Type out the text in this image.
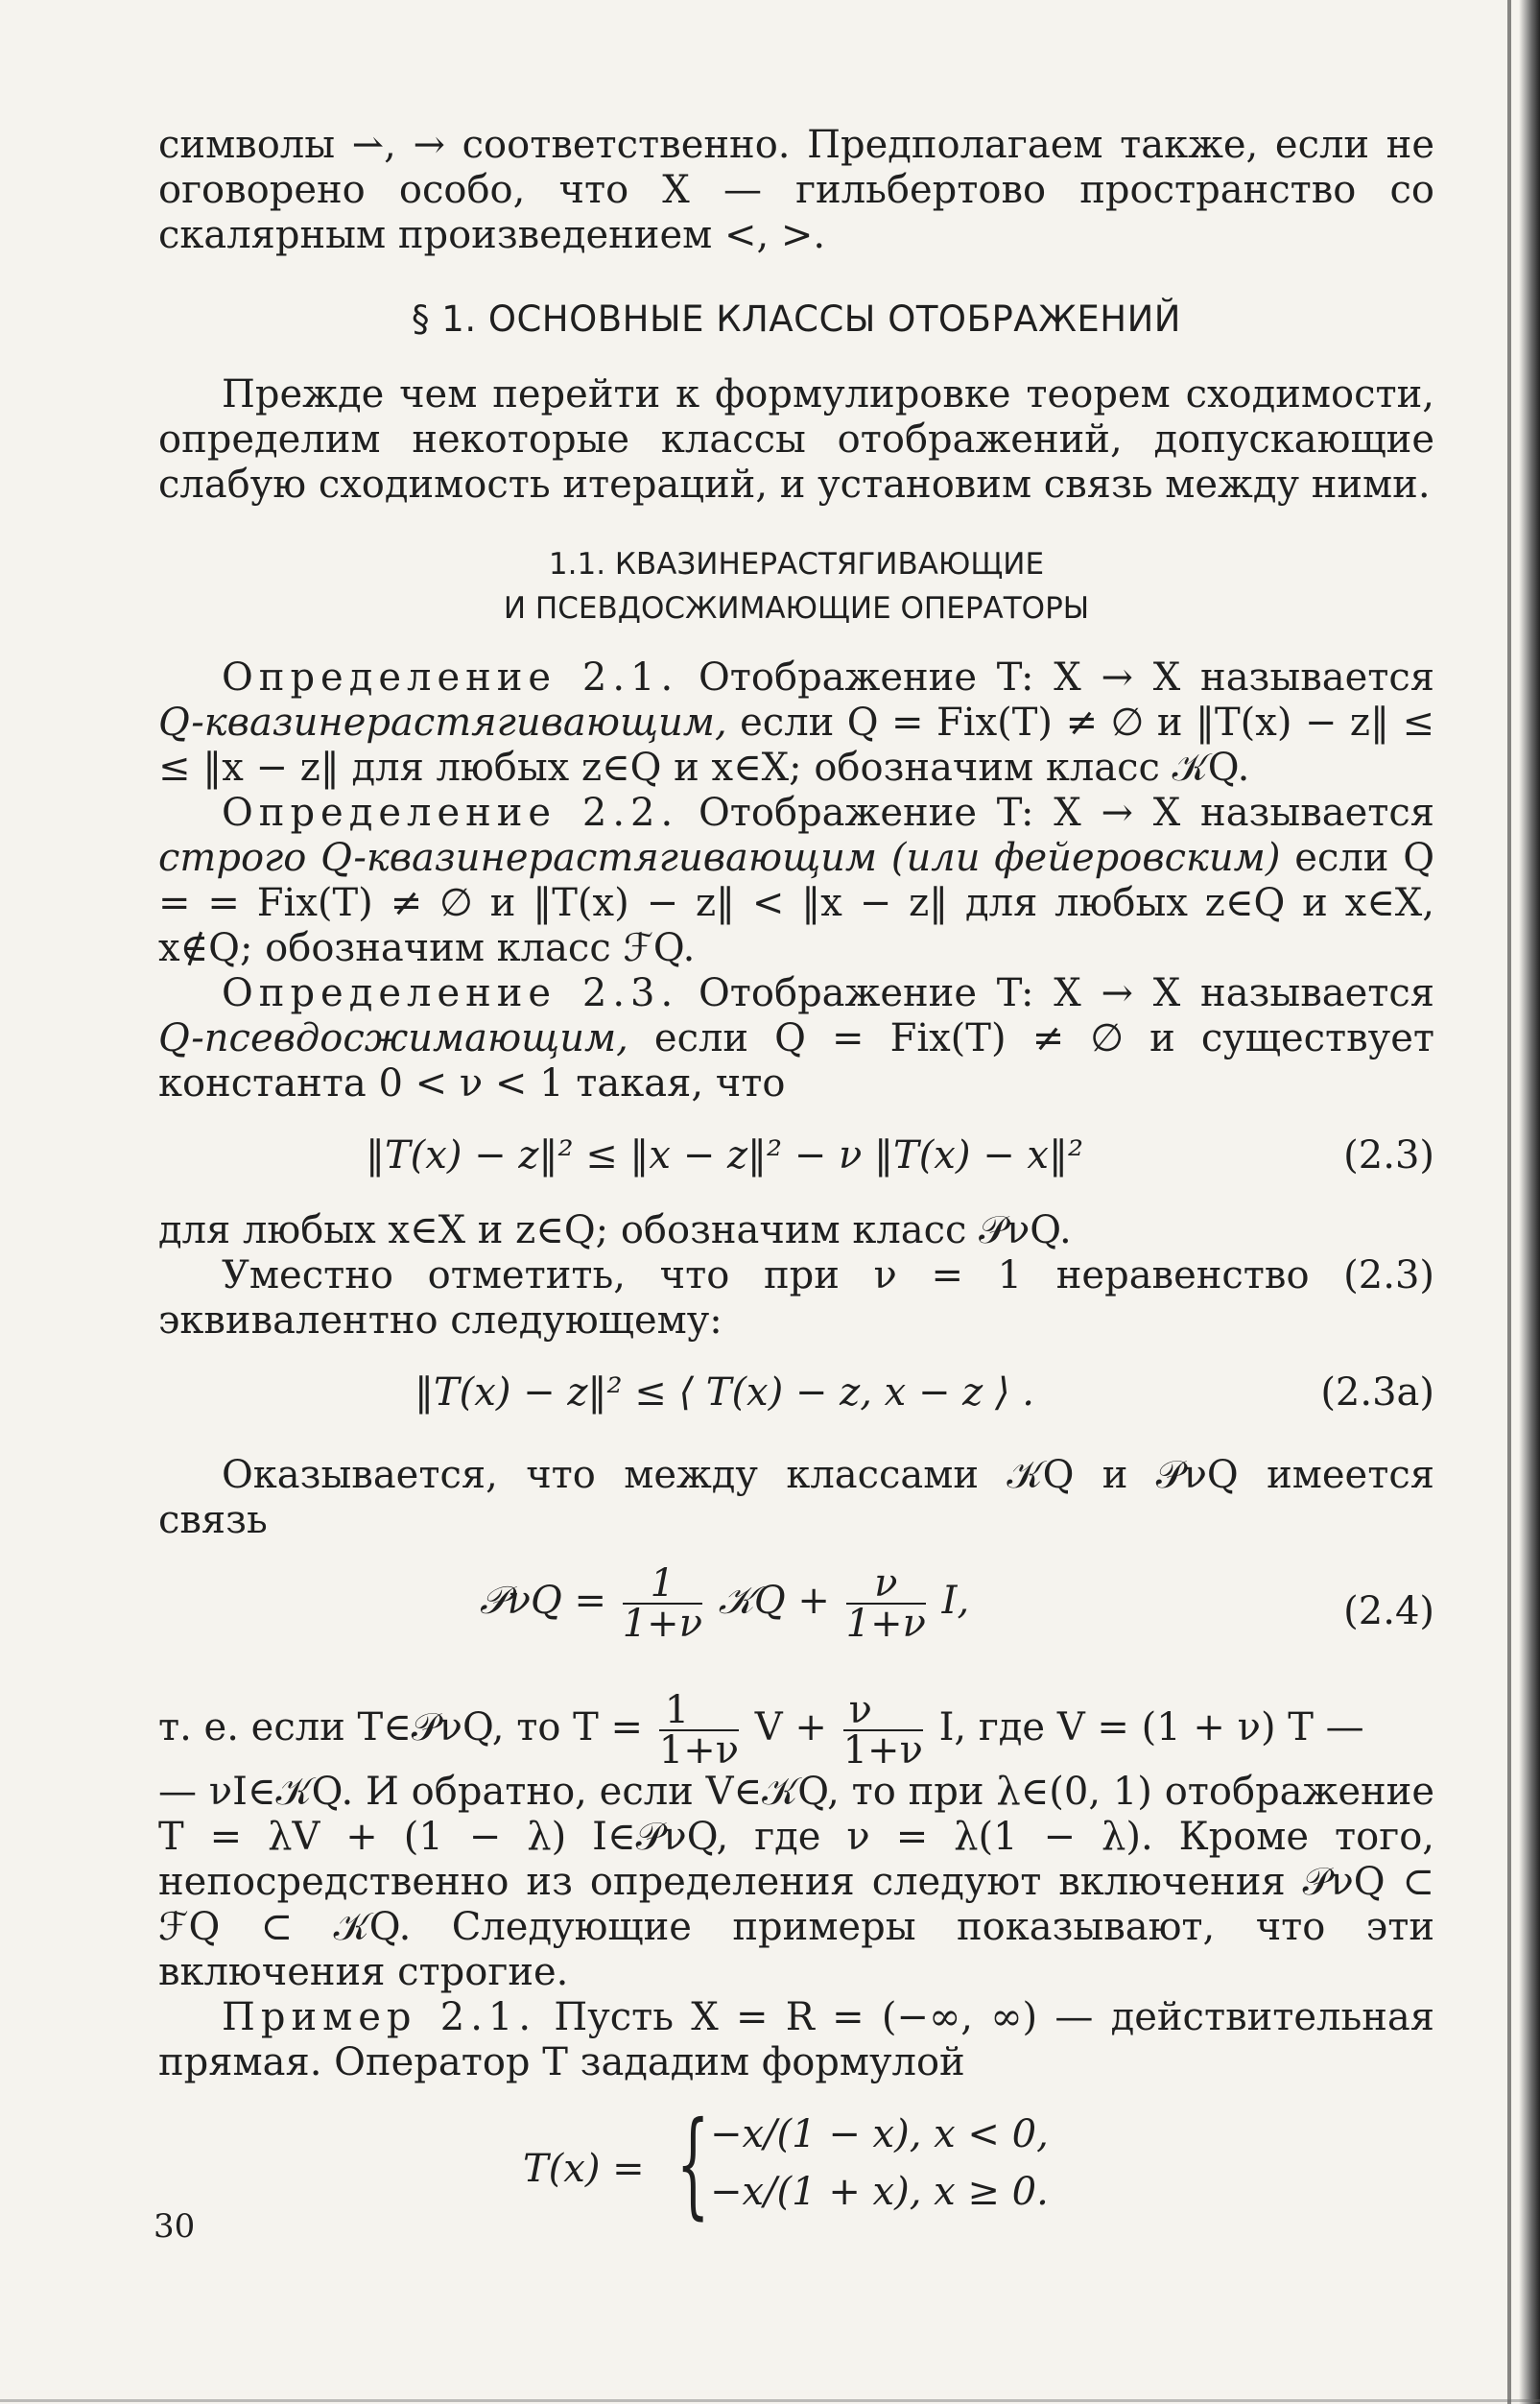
символы ⇀, → соответственно. Предполагаем также, если не оговорено особо, что X — гильбертово пространство со скалярным произведением <, >.

§ 1. ОСНОВНЫЕ КЛАССЫ ОТОБРАЖЕНИЙ

Прежде чем перейти к формулировке теорем сходимости, определим некоторые классы отображений, допускающие слабую сходимость итераций, и установим связь между ними.

1.1. КВАЗИНЕРАСТЯГИВАЮЩИЕ
И ПСЕВДОСЖИМАЮЩИЕ ОПЕРАТОРЫ

Определение 2.1. Отображение T: X → X называется Q-квазинерастягивающим, если Q = Fix(T) ≠ ∅ и ‖T(x) − z‖ ≤ ≤ ‖x − z‖ для любых z∈Q и x∈X; обозначим класс 𝒦Q.

Определение 2.2. Отображение T: X → X называется строго Q-квазинерастягивающим (или фейеровским) если Q = = Fix(T) ≠ ∅ и ‖T(x) − z‖ < ‖x − z‖ для любых z∈Q и x∈X, x∉Q; обозначим класс ℱQ.

Определение 2.3. Отображение T: X → X называется Q-псевдосжимающим, если Q = Fix(T) ≠ ∅ и существует константа 0 < ν < 1 такая, что

‖T(x) − z‖² ≤ ‖x − z‖² − ν ‖T(x) − x‖²	(2.3)

для любых x∈X и z∈Q; обозначим класс 𝒫νQ.

Уместно отметить, что при ν = 1 неравенство (2.3) эквивалентно следующему:

‖T(x) − z‖² ≤ ⟨ T(x) − z, x − z ⟩ .	(2.3а)

Оказывается, что между классами 𝒦Q и 𝒫νQ имеется связь

𝒫νQ = $\frac{1}{1+\nu}$ 𝒦Q + $\frac{\nu}{1+\nu} I$,	(2.4)

т. е. если T∈𝒫νQ, то $T = \frac{1}{1+\nu}$ $V + \frac{\nu}{1+\nu} I$, где V = (1 + ν) T —

— νI∈𝒦Q. И обратно, если V∈𝒦Q, то при λ∈(0, 1) отображение T = λV + (1 − λ) I∈𝒫νQ, где ν = λ(1 − λ). Кроме того, непосредственно из определения следуют включения 𝒫νQ ⊂ ℱQ ⊂ 𝒦Q. Следующие примеры показывают, что эти включения строгие.

Пример 2.1. Пусть X = R = (−∞, ∞) — действительная прямая. Оператор T зададим формулой

T(x) = { −x/(1 − x), x < 0,
−x/(1 + x), x ≥ 0.
30
